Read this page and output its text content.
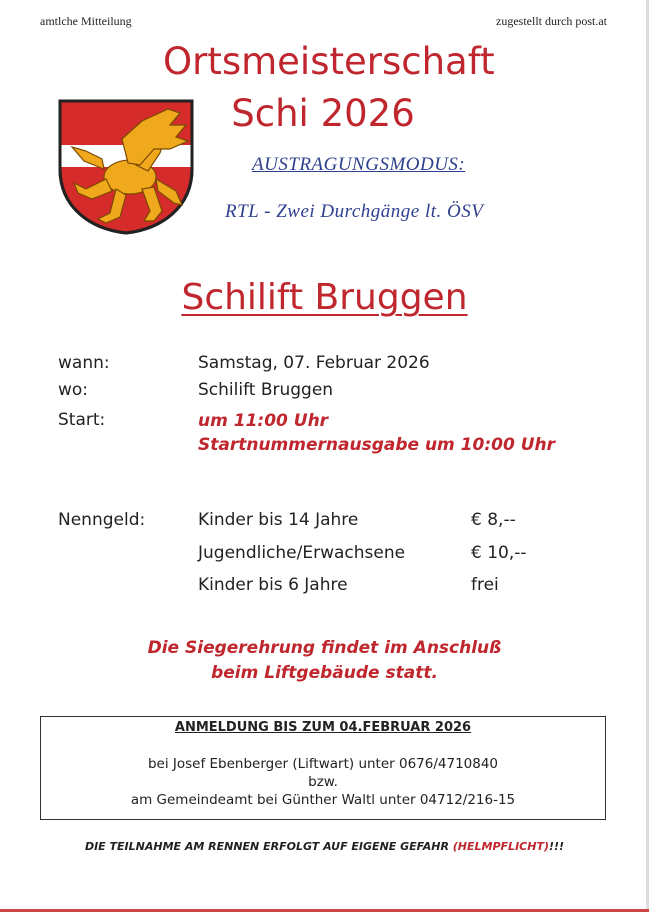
amtlche Mitteilung	zugestellt durch post.at
Ortsmeisterschaft
Schi 2026
AUSTRAGUNGSMODUS:
RTL - Zwei Durchgänge lt. ÖSV
Schilift Bruggen
wann:	Samstag, 07. Februar 2026
wo:	Schilift Bruggen
Start:	um 11:00 Uhr
Startnummernausgabe um 10:00 Uhr
Nenngeld:	Kinder bis 14 Jahre	€ 8,--
Jugendliche/Erwachsene	€ 10,--
Kinder bis 6 Jahre	frei
Die Siegerehrung findet im Anschluß
beim Liftgebäude statt.
ANMELDUNG BIS ZUM 04.FEBRUAR 2026
bei Josef Ebenberger (Liftwart) unter 0676/4710840
bzw.
am Gemeindeamt bei Günther Waltl unter 04712/216-15
DIE TEILNAHME AM RENNEN ERFOLGT AUF EIGENE GEFAHR (HELMPFLICHT)!!!
